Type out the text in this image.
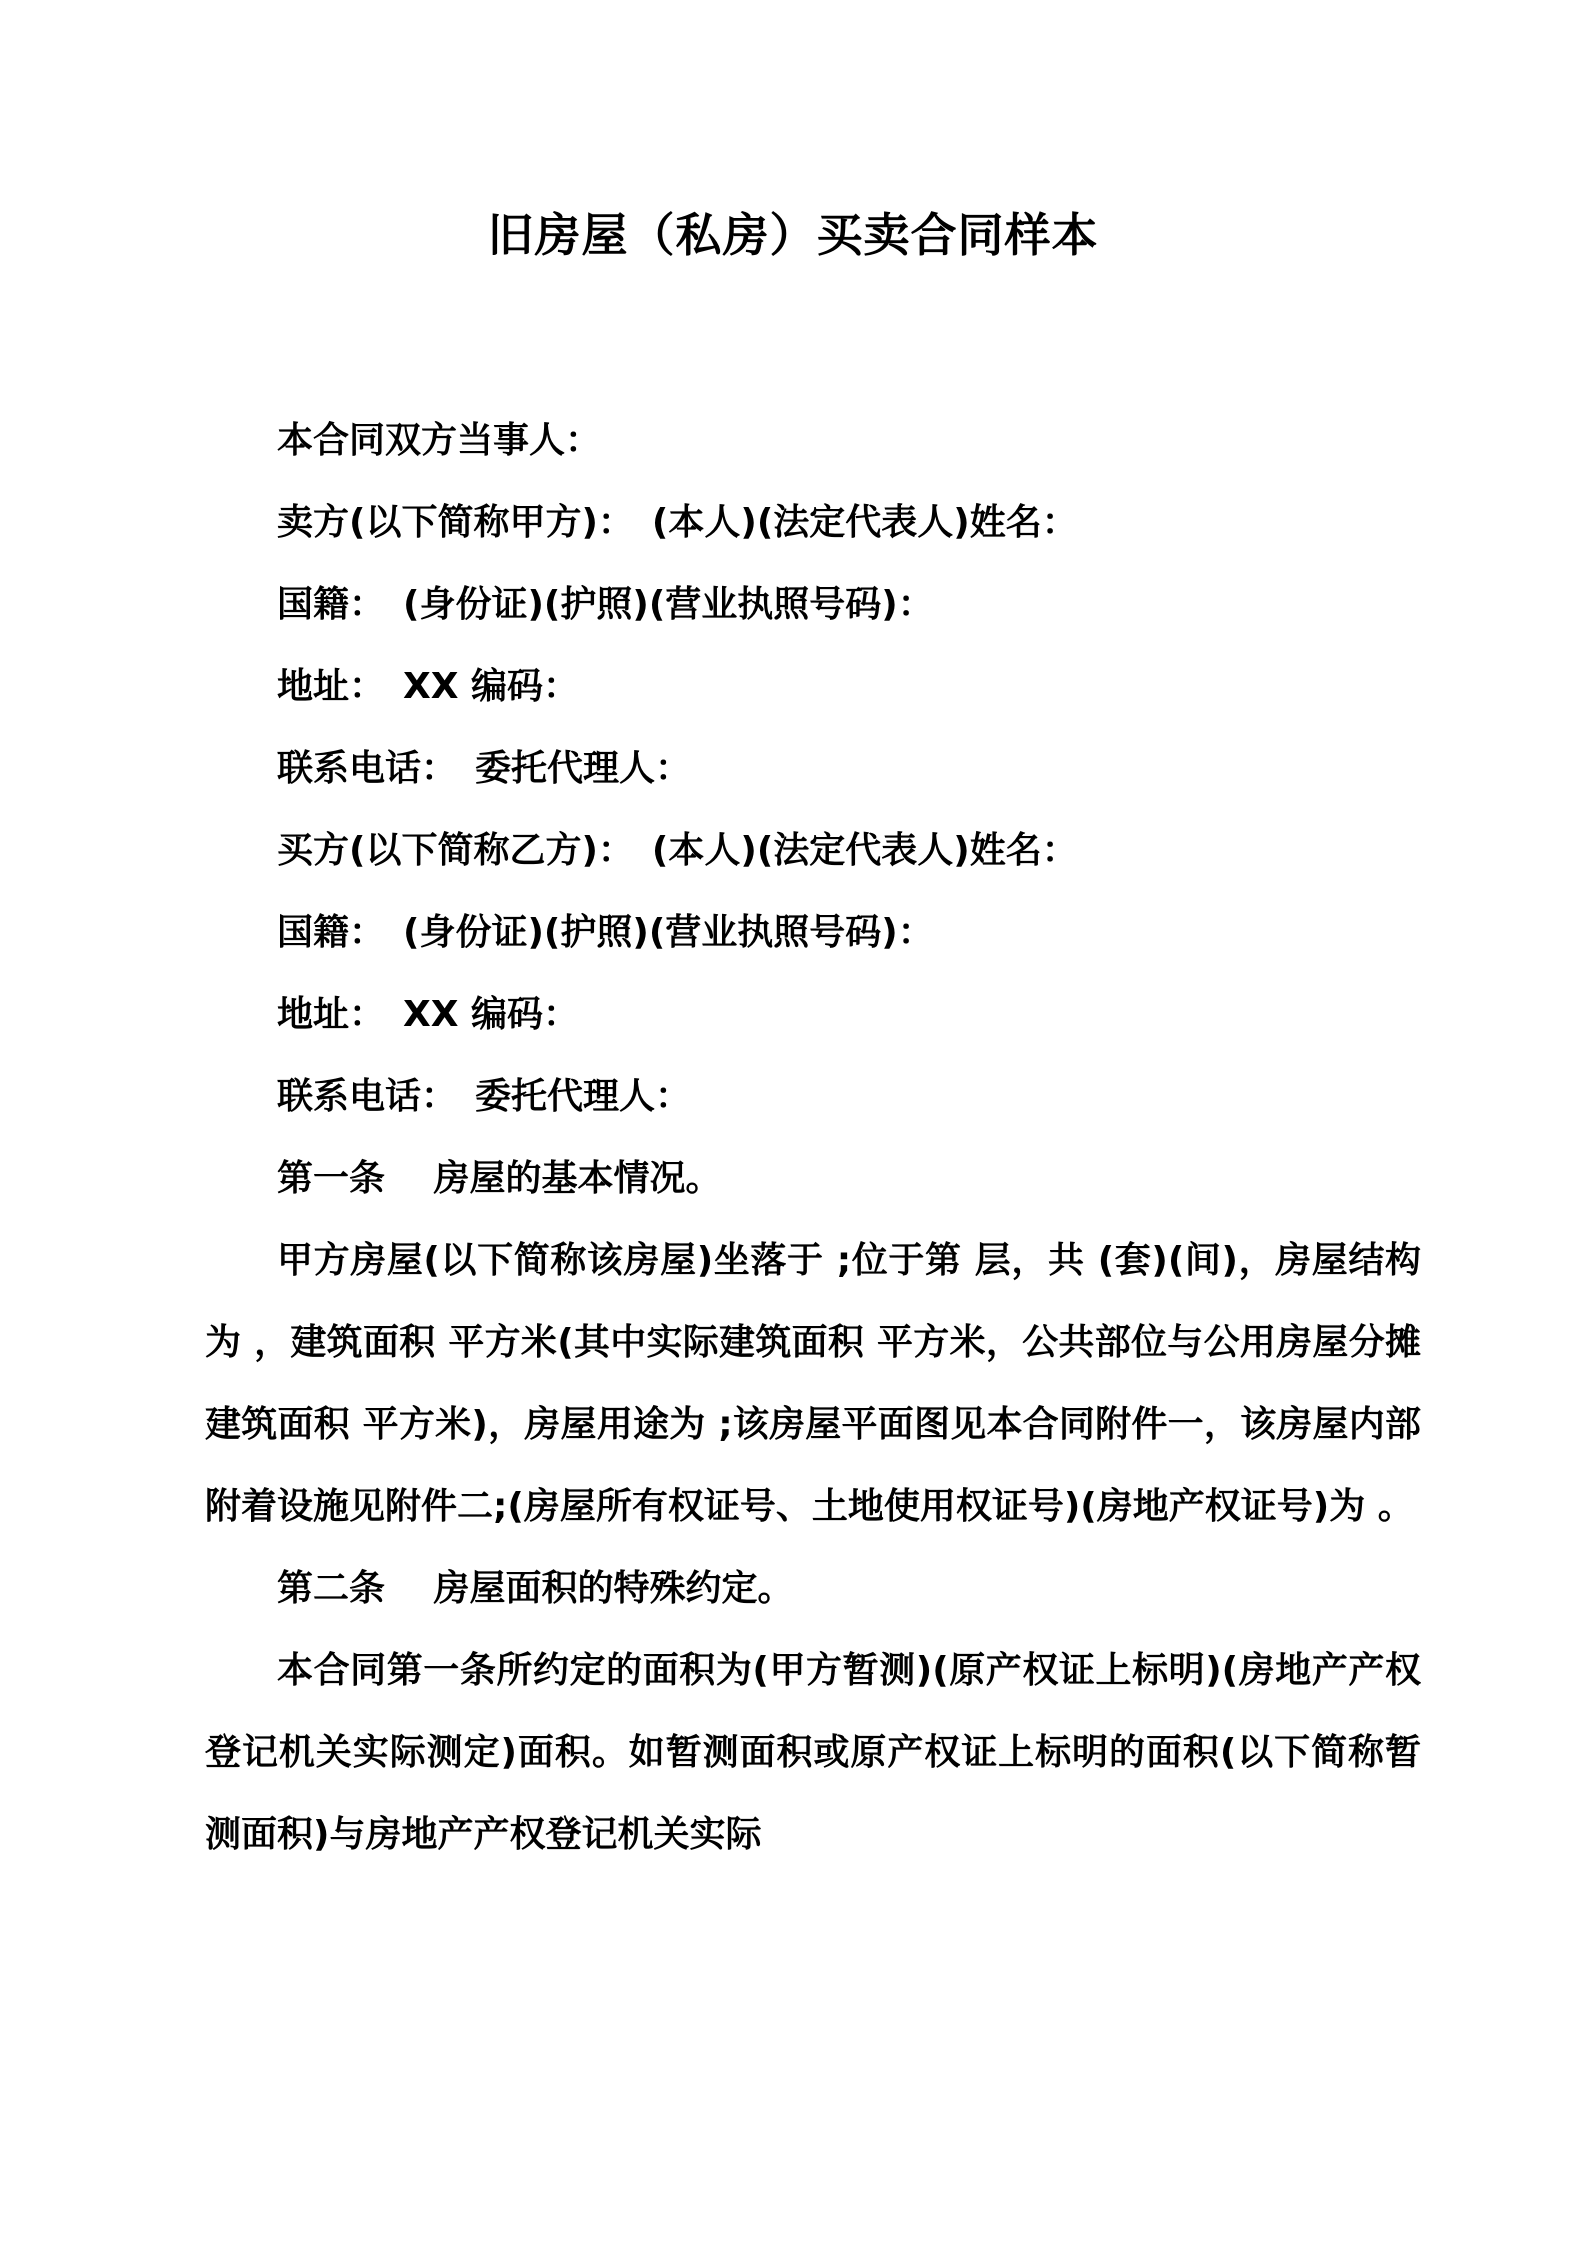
旧房屋（私房）买卖合同样本

本合同双方当事人：

卖方(以下简称甲方)：　(本人)(法定代表人)姓名：

国籍：　(身份证)(护照)(营业执照号码)：

地址：　XX 编码：

联系电话：　委托代理人：

买方(以下简称乙方)：　(本人)(法定代表人)姓名：

国籍：　(身份证)(护照)(营业执照号码)：

地址：　XX 编码：

联系电话：　委托代理人：

第一条　 房屋的基本情况。

甲方房屋(以下简称该房屋)坐落于 ;位于第 层，共 (套)(间)，房屋结构为 ，建筑面积 平方米(其中实际建筑面积 平方米，公共部位与公用房屋分摊建筑面积 平方米)，房屋用途为 ;该房屋平面图见本合同附件一，该房屋内部附着设施见附件二;(房屋所有权证号、土地使用权证号)(房地产权证号)为 。

第二条　 房屋面积的特殊约定。

本合同第一条所约定的面积为(甲方暂测)(原产权证上标明)(房地产产权登记机关实际测定)面积。如暂测面积或原产权证上标明的面积(以下简称暂测面积)与房地产产权登记机关实际
